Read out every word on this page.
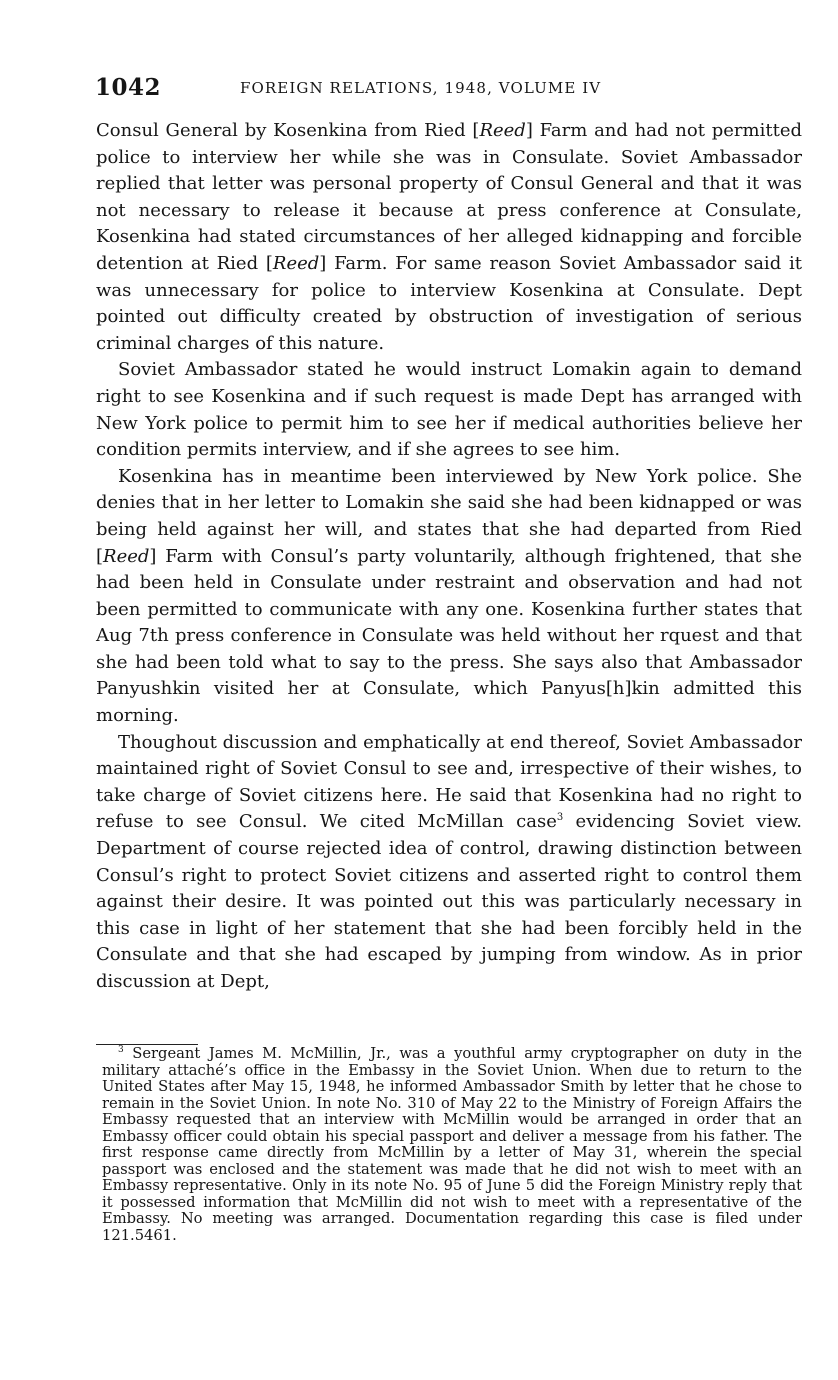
1042	FOREIGN RELATIONS, 1948, VOLUME IV

Consul General by Kosenkina from Ried [Reed] Farm and had not permitted police to interview her while she was in Consulate. Soviet Ambassador replied that letter was personal property of Consul General and that it was not necessary to release it because at press conference at Consulate, Kosenkina had stated circumstances of her alleged kidnapping and forcible detention at Ried [Reed] Farm. For same reason Soviet Ambassador said it was unnecessary for police to interview Kosenkina at Consulate. Dept pointed out difficulty created by obstruction of investigation of serious criminal charges of this nature.

Soviet Ambassador stated he would instruct Lomakin again to demand right to see Kosenkina and if such request is made Dept has arranged with New York police to permit him to see her if medical authorities believe her condition permits interview, and if she agrees to see him.

Kosenkina has in meantime been interviewed by New York police. She denies that in her letter to Lomakin she said she had been kidnapped or was being held against her will, and states that she had departed from Ried [Reed] Farm with Consul’s party voluntarily, although frightened, that she had been held in Consulate under restraint and observation and had not been permitted to communicate with any one. Kosenkina further states that Aug 7th press conference in Consulate was held without her rquest and that she had been told what to say to the press. She says also that Ambassador Panyushkin visited her at Consulate, which Panyus[h]kin admitted this morning.

Thoughout discussion and emphatically at end thereof, Soviet Ambassador maintained right of Soviet Consul to see and, irrespective of their wishes, to take charge of Soviet citizens here. He said that Kosenkina had no right to refuse to see Consul. We cited McMillan case$^3$ evidencing Soviet view. Department of course rejected idea of control, drawing distinction between Consul’s right to protect Soviet citizens and asserted right to control them against their desire. It was pointed out this was particularly necessary in this case in light of her statement that she had been forcibly held in the Consulate and that she had escaped by jumping from window. As in prior discussion at Dept,

$^3$ Sergeant James M. McMillin, Jr., was a youthful army cryptographer on duty in the military attaché’s office in the Embassy in the Soviet Union. When due to return to the United States after May 15, 1948, he informed Ambassador Smith by letter that he chose to remain in the Soviet Union. In note No. 310 of May 22 to the Ministry of Foreign Affairs the Embassy requested that an interview with McMillin would be arranged in order that an Embassy officer could obtain his special passport and deliver a message from his father. The first response came directly from McMillin by a letter of May 31, wherein the special passport was enclosed and the statement was made that he did not wish to meet with an Embassy representative. Only in its note No. 95 of June 5 did the Foreign Ministry reply that it possessed information that McMillin did not wish to meet with a representative of the Embassy. No meeting was arranged. Documentation regarding this case is filed under 121.5461.
